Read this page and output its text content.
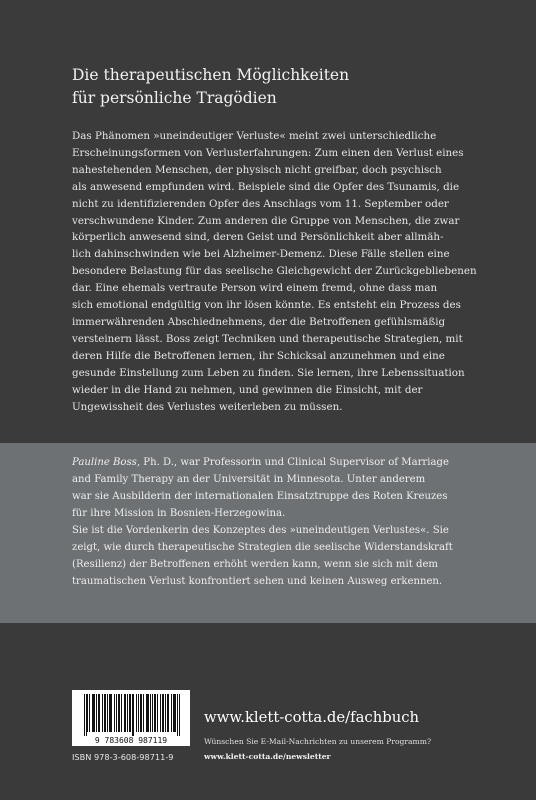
Die therapeutischen Möglichkeiten
für persönliche Tragödien
Das Phänomen »uneindeutiger Verluste« meint zwei unterschiedliche
Erscheinungsformen von Verlusterfahrungen: Zum einen den Verlust eines
nahestehenden Menschen, der physisch nicht greifbar, doch psychisch
als anwesend empfunden wird. Beispiele sind die Opfer des Tsunamis, die
nicht zu identifizierenden Opfer des Anschlags vom 11. September oder
verschwundene Kinder. Zum anderen die Gruppe von Menschen, die zwar
körperlich anwesend sind, deren Geist und Persönlichkeit aber allmäh-
lich dahinschwinden wie bei Alzheimer-Demenz. Diese Fälle stellen eine
besondere Belastung für das seelische Gleichgewicht der Zurückgebliebenen
dar. Eine ehemals vertraute Person wird einem fremd, ohne dass man
sich emotional endgültig von ihr lösen könnte. Es entsteht ein Prozess des
immerwährenden Abschiednehmens, der die Betroffenen gefühlsmäßig
versteinern lässt. Boss zeigt Techniken und therapeutische Strategien, mit
deren Hilfe die Betroffenen lernen, ihr Schicksal anzunehmen und eine
gesunde Einstellung zum Leben zu finden. Sie lernen, ihre Lebenssituation
wieder in die Hand zu nehmen, und gewinnen die Einsicht, mit der
Ungewissheit des Verlustes weiterleben zu müssen.
Pauline Boss, Ph. D., war Professorin und Clinical Supervisor of Marriage
and Family Therapy an der Universität in Minnesota. Unter anderem
war sie Ausbilderin der internationalen Einsatztruppe des Roten Kreuzes
für ihre Mission in Bosnien-Herzegowina.
Sie ist die Vordenkerin des Konzeptes des »uneindeutigen Verlustes«. Sie
zeigt, wie durch therapeutische Strategien die seelische Widerstandskraft
(Resilienz) der Betroffenen erhöht werden kann, wenn sie sich mit dem
traumatischen Verlust konfrontiert sehen und keinen Ausweg erkennen.
9 783608 987119
ISBN 978-3-608-98711-9
www.klett-cotta.de/fachbuch
Wünschen Sie E-Mail-Nachrichten zu unserem Programm?
www.klett-cotta.de/newsletter
